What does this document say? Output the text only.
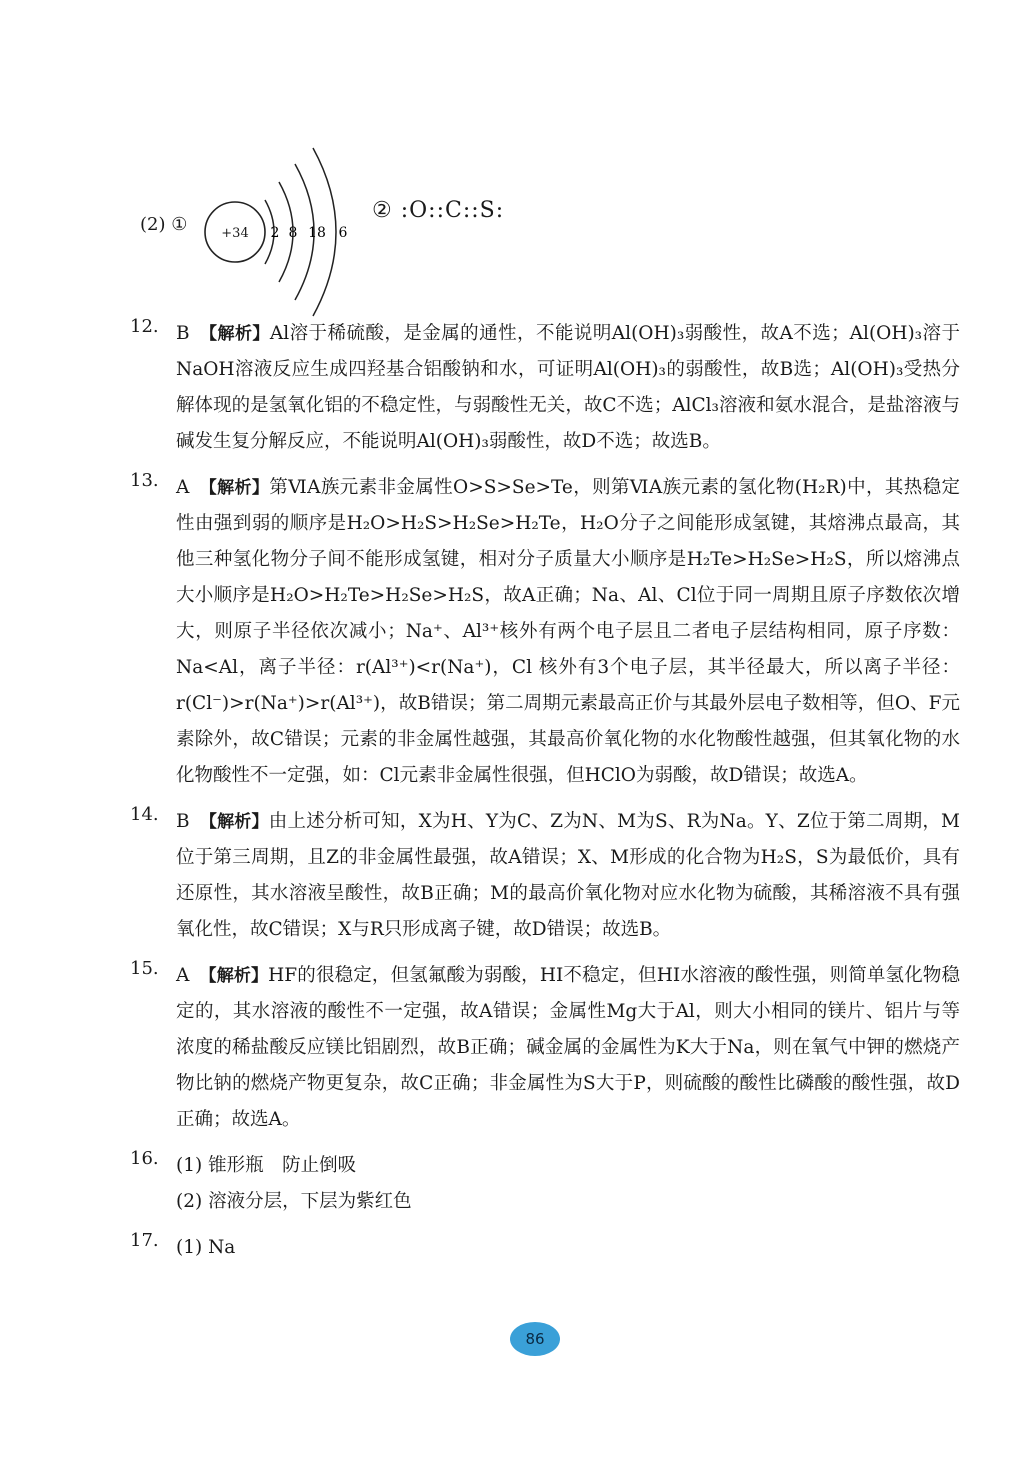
(2) ①	+34 2 8 18 6
② :O::C::S:
12. B 【解析】Al溶于稀硫酸，是金属的通性，不能说明Al(OH)₃弱酸性，故A不选；Al(OH)₃溶于NaOH溶液反应生成四羟基合铝酸钠和水，可证明Al(OH)₃的弱酸性，故B选；Al(OH)₃受热分解体现的是氢氧化铝的不稳定性，与弱酸性无关，故C不选；AlCl₃溶液和氨水混合，是盐溶液与碱发生复分解反应，不能说明Al(OH)₃弱酸性，故D不选；故选B。
13. A 【解析】第ⅥA族元素非金属性O>S>Se>Te，则第ⅥA族元素的氢化物(H₂R)中，其热稳定性由强到弱的顺序是H₂O>H₂S>H₂Se>H₂Te，H₂O分子之间能形成氢键，其熔沸点最高，其他三种氢化物分子间不能形成氢键，相对分子质量大小顺序是H₂Te>H₂Se>H₂S，所以熔沸点大小顺序是H₂O>H₂Te>H₂Se>H₂S，故A正确；Na、Al、Cl位于同一周期且原子序数依次增大，则原子半径依次减小；Na⁺、Al³⁺核外有两个电子层且二者电子层结构相同，原子序数：Na<Al，离子半径：r(Al³⁺)<r(Na⁺)，Cl 核外有3个电子层，其半径最大，所以离子半径：r(Cl⁻)>r(Na⁺)>r(Al³⁺)，故B错误；第二周期元素最高正价与其最外层电子数相等，但O、F元素除外，故C错误；元素的非金属性越强，其最高价氧化物的水化物酸性越强，但其氧化物的水化物酸性不一定强，如：Cl元素非金属性很强，但HClO为弱酸，故D错误；故选A。
14. B 【解析】由上述分析可知，X为H、Y为C、Z为N、M为S、R为Na。Y、Z位于第二周期，M位于第三周期，且Z的非金属性最强，故A错误；X、M形成的化合物为H₂S，S为最低价，具有还原性，其水溶液呈酸性，故B正确；M的最高价氧化物对应水化物为硫酸，其稀溶液不具有强氧化性，故C错误；X与R只形成离子键，故D错误；故选B。
15. A 【解析】HF的很稳定，但氢氟酸为弱酸，HI不稳定，但HI水溶液的酸性强，则简单氢化物稳定的，其水溶液的酸性不一定强，故A错误；金属性Mg大于Al，则大小相同的镁片、铝片与等浓度的稀盐酸反应镁比铝剧烈，故B正确；碱金属的金属性为K大于Na，则在氧气中钾的燃烧产物比钠的燃烧产物更复杂，故C正确；非金属性为S大于P，则硫酸的酸性比磷酸的酸性强，故D正确；故选A。
16. (1) 锥形瓶　防止倒吸
(2) 溶液分层，下层为紫红色
17. (1) Na
86
